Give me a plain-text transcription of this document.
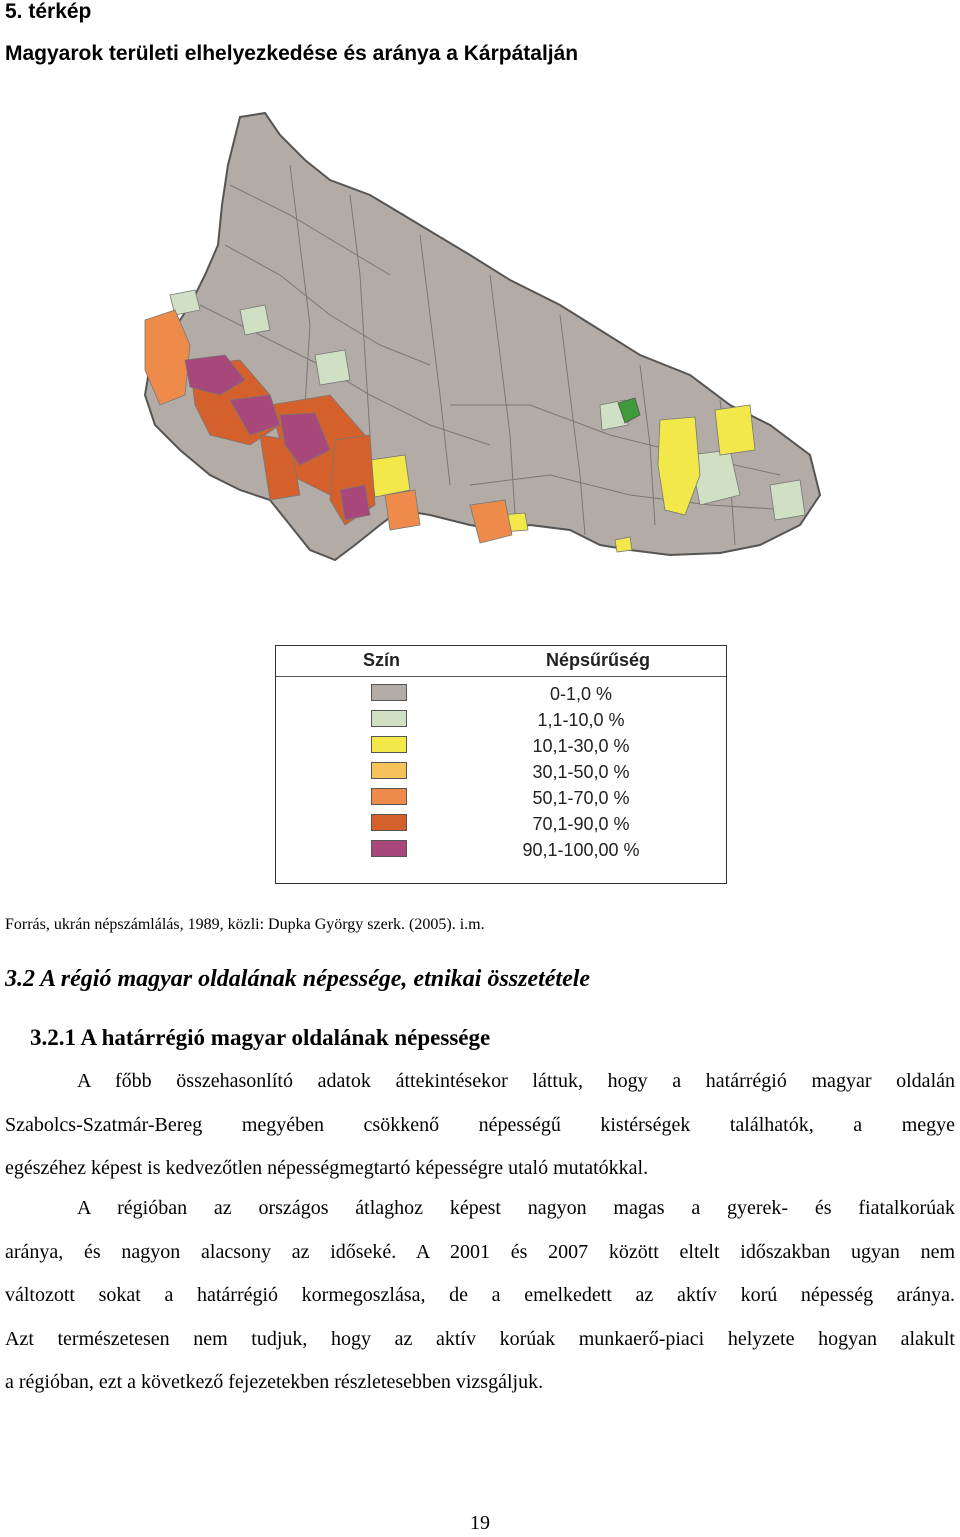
5. térkép
Magyarok területi elhelyezkedése és aránya a Kárpátalján
Szín	Népsűrűség
0-1,0 %
1,1-10,0 %
10,1-30,0 %
30,1-50,0 %
50,1-70,0 %
70,1-90,0 %
90,1-100,00 %
Forrás, ukrán népszámlálás, 1989, közli: Dupka György szerk. (2005). i.m.
3.2 A régió magyar oldalának népessége, etnikai összetétele
3.2.1 A határrégió magyar oldalának népessége
A főbb összehasonlító adatok áttekintésekor láttuk, hogy a határrégió magyar oldalán
Szabolcs-Szatmár-Bereg megyében csökkenő népességű kistérségek találhatók, a megye
egészéhez képest is kedvezőtlen népességmegtartó képességre utaló mutatókkal.
A régióban az országos átlaghoz képest nagyon magas a gyerek- és fiatalkorúak
aránya, és nagyon alacsony az időseké. A 2001 és 2007 között eltelt időszakban ugyan nem
változott sokat a határrégió kormegoszlása, de a emelkedett az aktív korú népesség aránya.
Azt természetesen nem tudjuk, hogy az aktív korúak munkaerő-piaci helyzete hogyan alakult
a régióban, ezt a következő fejezetekben részletesebben vizsgáljuk.
19
